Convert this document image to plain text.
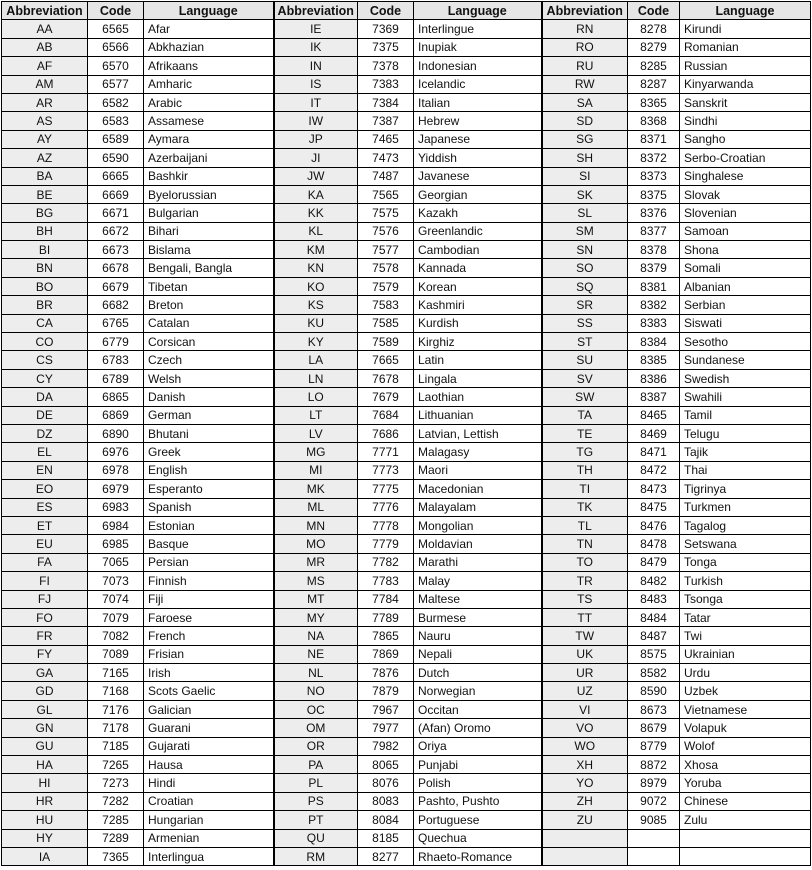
Abbreviation	Code	Language	Abbreviation	Code	Language	Abbreviation	Code	Language
AA	6565	Afar	IE	7369	Interlingue	RN	8278	Kirundi
AB	6566	Abkhazian	IK	7375	Inupiak	RO	8279	Romanian
AF	6570	Afrikaans	IN	7378	Indonesian	RU	8285	Russian
AM	6577	Amharic	IS	7383	Icelandic	RW	8287	Kinyarwanda
AR	6582	Arabic	IT	7384	Italian	SA	8365	Sanskrit
AS	6583	Assamese	IW	7387	Hebrew	SD	8368	Sindhi
AY	6589	Aymara	JP	7465	Japanese	SG	8371	Sangho
AZ	6590	Azerbaijani	JI	7473	Yiddish	SH	8372	Serbo-Croatian
BA	6665	Bashkir	JW	7487	Javanese	SI	8373	Singhalese
BE	6669	Byelorussian	KA	7565	Georgian	SK	8375	Slovak
BG	6671	Bulgarian	KK	7575	Kazakh	SL	8376	Slovenian
BH	6672	Bihari	KL	7576	Greenlandic	SM	8377	Samoan
BI	6673	Bislama	KM	7577	Cambodian	SN	8378	Shona
BN	6678	Bengali, Bangla	KN	7578	Kannada	SO	8379	Somali
BO	6679	Tibetan	KO	7579	Korean	SQ	8381	Albanian
BR	6682	Breton	KS	7583	Kashmiri	SR	8382	Serbian
CA	6765	Catalan	KU	7585	Kurdish	SS	8383	Siswati
CO	6779	Corsican	KY	7589	Kirghiz	ST	8384	Sesotho
CS	6783	Czech	LA	7665	Latin	SU	8385	Sundanese
CY	6789	Welsh	LN	7678	Lingala	SV	8386	Swedish
DA	6865	Danish	LO	7679	Laothian	SW	8387	Swahili
DE	6869	German	LT	7684	Lithuanian	TA	8465	Tamil
DZ	6890	Bhutani	LV	7686	Latvian, Lettish	TE	8469	Telugu
EL	6976	Greek	MG	7771	Malagasy	TG	8471	Tajik
EN	6978	English	MI	7773	Maori	TH	8472	Thai
EO	6979	Esperanto	MK	7775	Macedonian	TI	8473	Tigrinya
ES	6983	Spanish	ML	7776	Malayalam	TK	8475	Turkmen
ET	6984	Estonian	MN	7778	Mongolian	TL	8476	Tagalog
EU	6985	Basque	MO	7779	Moldavian	TN	8478	Setswana
FA	7065	Persian	MR	7782	Marathi	TO	8479	Tonga
FI	7073	Finnish	MS	7783	Malay	TR	8482	Turkish
FJ	7074	Fiji	MT	7784	Maltese	TS	8483	Tsonga
FO	7079	Faroese	MY	7789	Burmese	TT	8484	Tatar
FR	7082	French	NA	7865	Nauru	TW	8487	Twi
FY	7089	Frisian	NE	7869	Nepali	UK	8575	Ukrainian
GA	7165	Irish	NL	7876	Dutch	UR	8582	Urdu
GD	7168	Scots Gaelic	NO	7879	Norwegian	UZ	8590	Uzbek
GL	7176	Galician	OC	7967	Occitan	VI	8673	Vietnamese
GN	7178	Guarani	OM	7977	(Afan) Oromo	VO	8679	Volapuk
GU	7185	Gujarati	OR	7982	Oriya	WO	8779	Wolof
HA	7265	Hausa	PA	8065	Punjabi	XH	8872	Xhosa
HI	7273	Hindi	PL	8076	Polish	YO	8979	Yoruba
HR	7282	Croatian	PS	8083	Pashto, Pushto	ZH	9072	Chinese
HU	7285	Hungarian	PT	8084	Portuguese	ZU	9085	Zulu
HY	7289	Armenian	QU	8185	Quechua			
IA	7365	Interlingua	RM	8277	Rhaeto-Romance			
